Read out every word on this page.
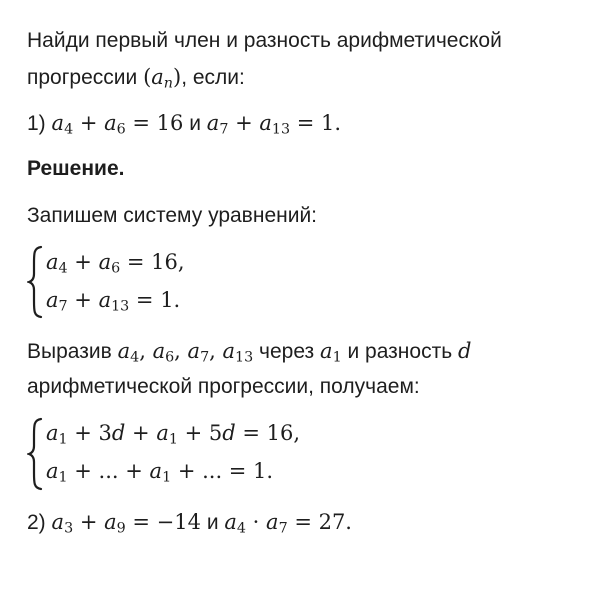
Найди первый член и разность арифметической
прогрессии $(a_n)$, если:
1) $a_4 + a_6 = 16$ и $a_7 + a_{13} = 1$.
Решение.
Запишем систему уравнений:
$a_4 + a_6 = 16$,
$a_7 + a_{13} = 1$.
Выразив $a_4$, $a_6$, $a_7$, $a_{13}$ через $a_1$ и разность d
арифметической прогрессии, получаем:
$a_1 + 3d + a_1 + 5d = 16$,
$a_1$ + ... + $a_1$ + ... = 1.
2) $a_3 + a_9 = -14$ и $a_4 \cdot a_7 = 27$.
